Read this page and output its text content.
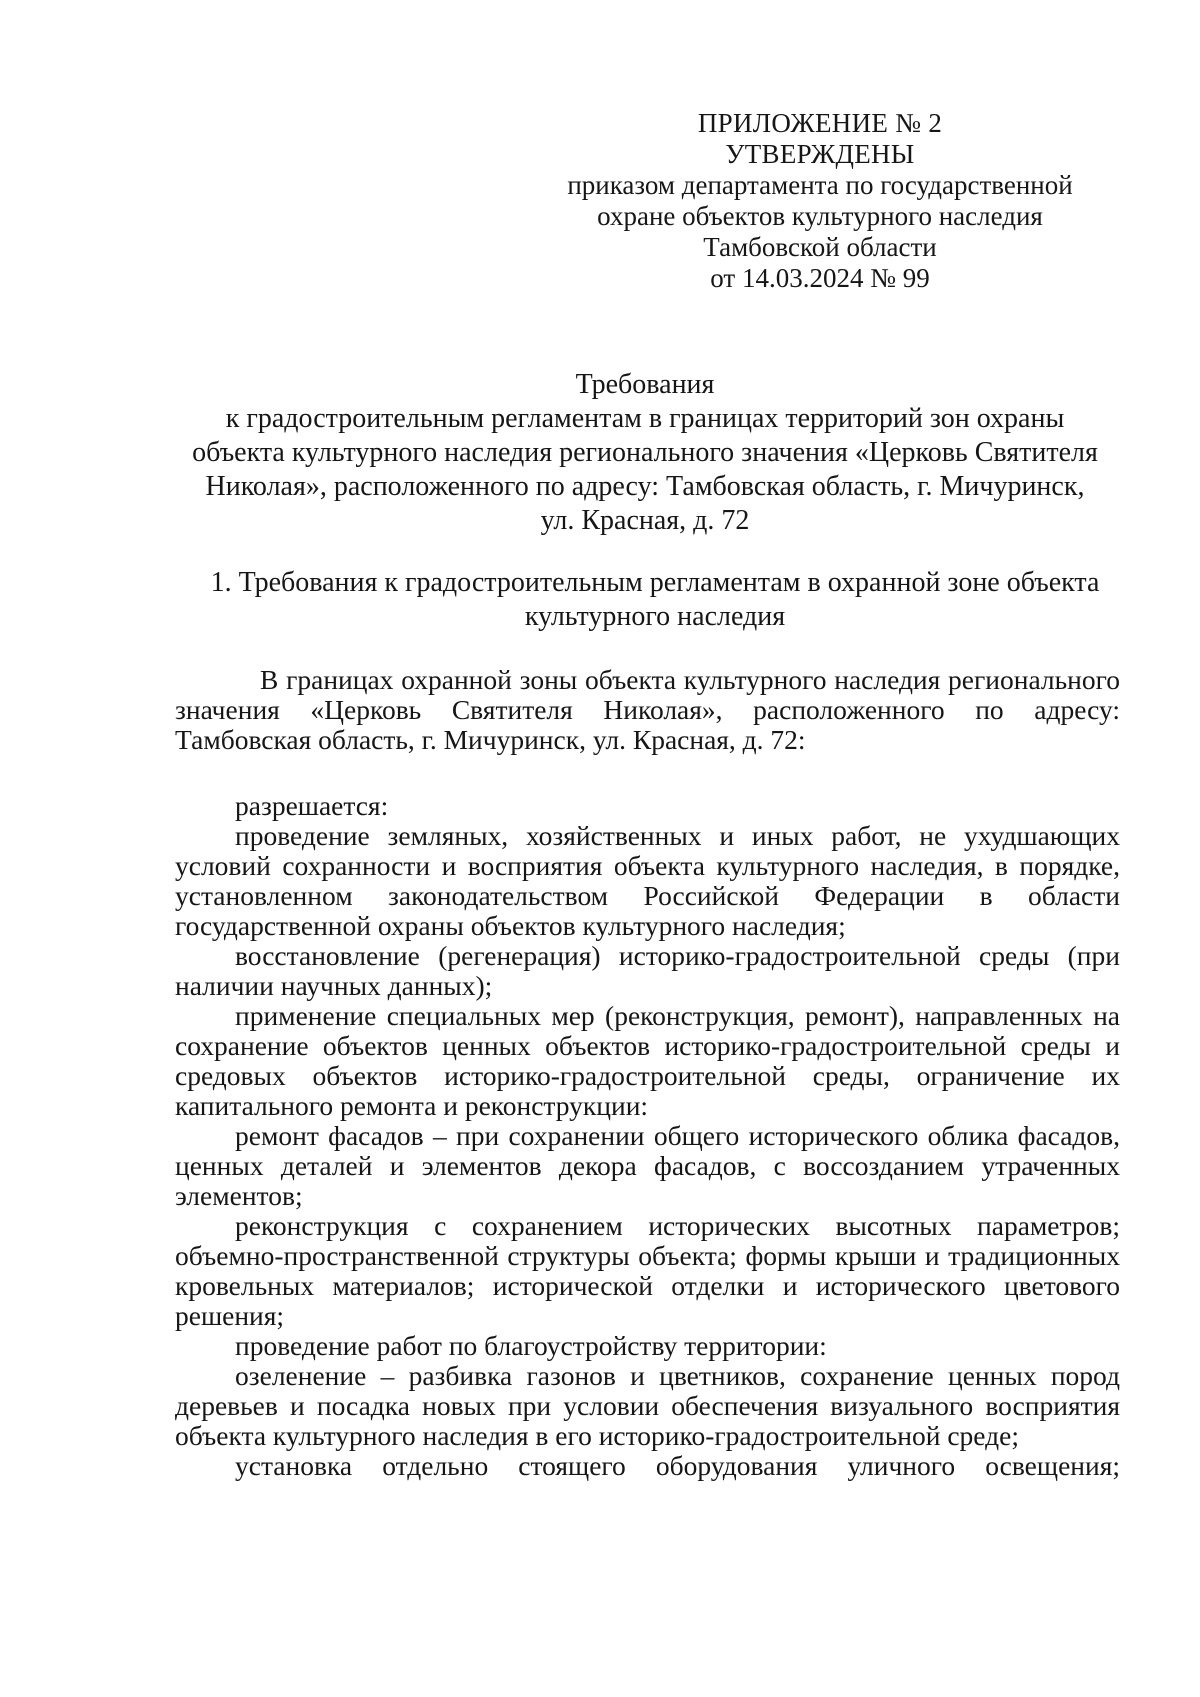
ПРИЛОЖЕНИЕ № 2
УТВЕРЖДЕНЫ
приказом департамента по государственной
охране объектов культурного наследия
Тамбовской области
от 14.03.2024 № 99
Требования
к градостроительным регламентам в границах территорий зон охраны
объекта культурного наследия регионального значения «Церковь Святителя
Николая», расположенного по адресу: Тамбовская область, г. Мичуринск,
ул. Красная, д. 72
1. Требования к градостроительным регламентам в охранной зоне объекта
культурного наследия

В границах охранной зоны объекта культурного наследия регионального значения «Церковь Святителя Николая», расположенного по адресу: Тамбовская область, г. Мичуринск, ул. Красная, д. 72:

разрешается:

проведение земляных, хозяйственных и иных работ, не ухудшающих условий сохранности и восприятия объекта культурного наследия, в порядке, установленном законодательством Российской Федерации в области государственной охраны объектов культурного наследия;

восстановление (регенерация) историко-градостроительной среды (при наличии научных данных);

применение специальных мер (реконструкция, ремонт), направленных на сохранение объектов ценных объектов историко-градостроительной среды и средовых объектов историко-градостроительной среды, ограничение их капитального ремонта и реконструкции:

ремонт фасадов – при сохранении общего исторического облика фасадов, ценных деталей и элементов декора фасадов, с воссозданием утраченных элементов;

реконструкция с сохранением исторических высотных параметров; объемно-пространственной структуры объекта; формы крыши и традиционных кровельных материалов; исторической отделки и исторического цветового решения;

проведение работ по благоустройству территории:

озеленение – разбивка газонов и цветников, сохранение ценных пород деревьев и посадка новых при условии обеспечения визуального восприятия объекта культурного наследия в его историко-градостроительной среде;

установка отдельно стоящего оборудования уличного освещения;
